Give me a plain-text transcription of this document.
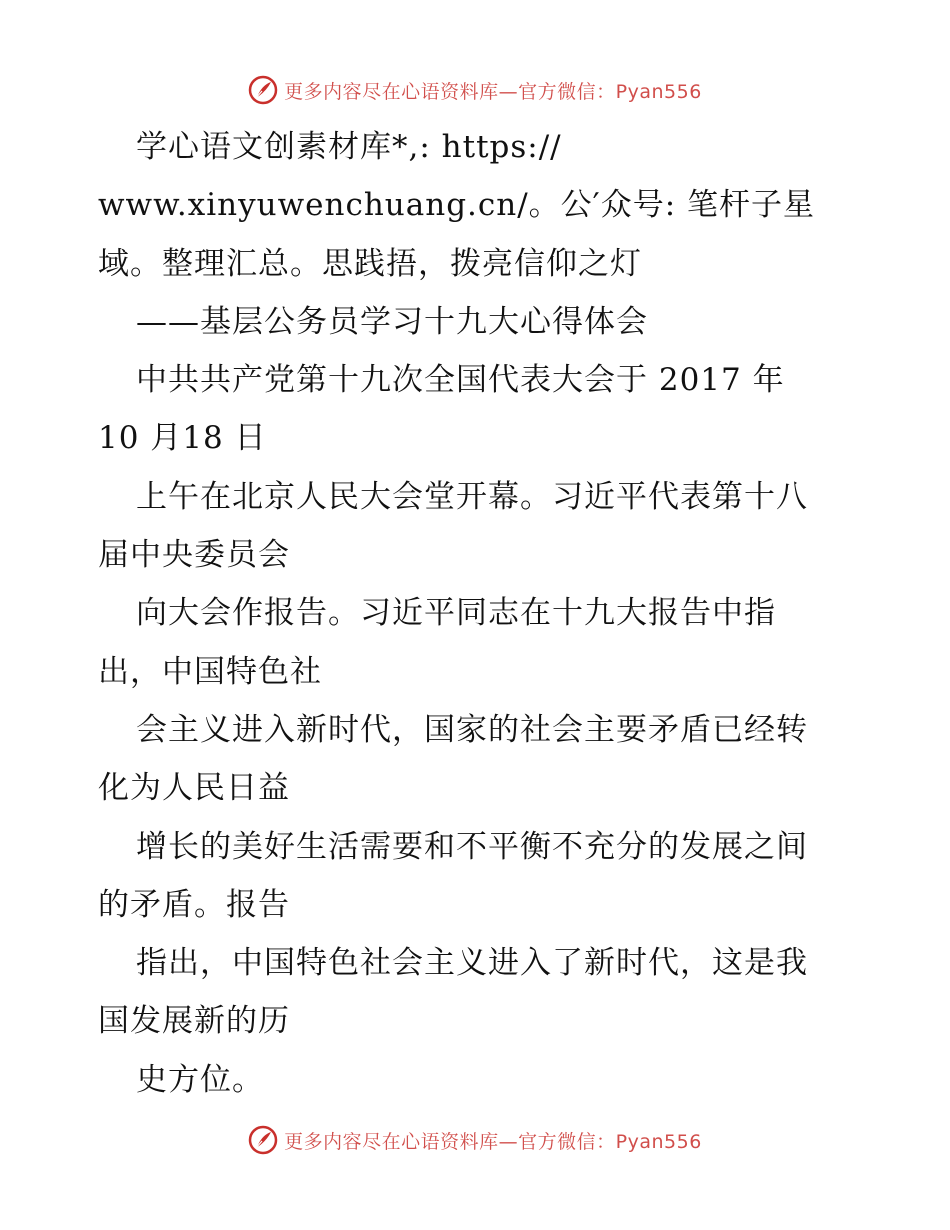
更多内容尽在心语资料库—官方微信：Pyan556
学心语文创素材库*,: https://
www.xinyuwenchuang.cn/。公′众号: 笔杆子星
域。整理汇总。思践捂，拨亮信仰之灯
——基层公务员学习十九大心得体会
中共共产党第十九次全国代表大会于 2017 年
10 月18 日
上午在北京人民大会堂开幕。习近平代表第十八
届中央委员会
向大会作报告。习近平同志在十九大报告中指
出，中国特色社
会主义进入新时代，国家的社会主要矛盾已经转
化为人民日益
增长的美好生活需要和不平衡不充分的发展之间
的矛盾。报告
指出，中国特色社会主义进入了新时代，这是我
国发展新的历
史方位。
更多内容尽在心语资料库—官方微信：Pyan556
